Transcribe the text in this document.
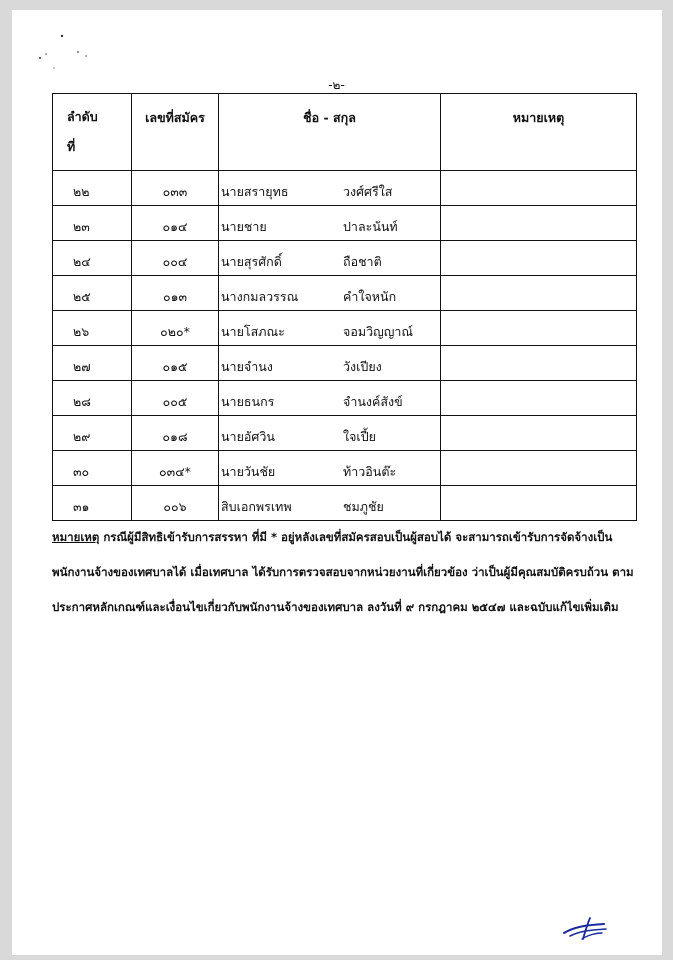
-๒-
ลำดับ
ที่	เลขที่สมัคร	ชื่อ - สกุล	หมายเหตุ
๒๒	๐๓๓	นายสรายุทธ วงศ์ศรีใส	

๒๓	๐๑๔	นายชาย ปาละนันท์	

๒๔	๐๐๔	นายสุรศักดิ์ ถือชาติ	

๒๕	๐๑๓	นางกมลวรรณ คำใจหนัก	

๒๖	๐๒๐*	นายโสภณะ จอมวิญญาณ์	

๒๗	๐๑๕	นายจำนง วังเปียง	

๒๘	๐๐๕	นายธนกร จำนงค์สังข์	

๒๙	๐๑๘	นายอัศวิน ใจเปี้ย	

๓๐	๐๓๔*	นายวันชัย ท้าวอินต๊ะ	

๓๑	๐๐๖	สิบเอกพรเทพ ชมภูชัย	

หมายเหตุ กรณีผู้มีสิทธิเข้ารับการสรรหา ที่มี * อยู่หลังเลขที่สมัครสอบเป็นผู้สอบได้ จะสามารถเข้ารับการจัดจ้างเป็นพนักงานจ้างของเทศบาลได้ เมื่อเทศบาล ได้รับการตรวจสอบจากหน่วยงานที่เกี่ยวข้อง ว่าเป็นผู้มีคุณสมบัติครบถ้วน ตามประกาศหลักเกณฑ์และเงื่อนไขเกี่ยวกับพนักงานจ้างของเทศบาล ลงวันที่ ๙ กรกฎาคม ๒๕๔๗ และฉบับแก้ไขเพิ่มเติม
